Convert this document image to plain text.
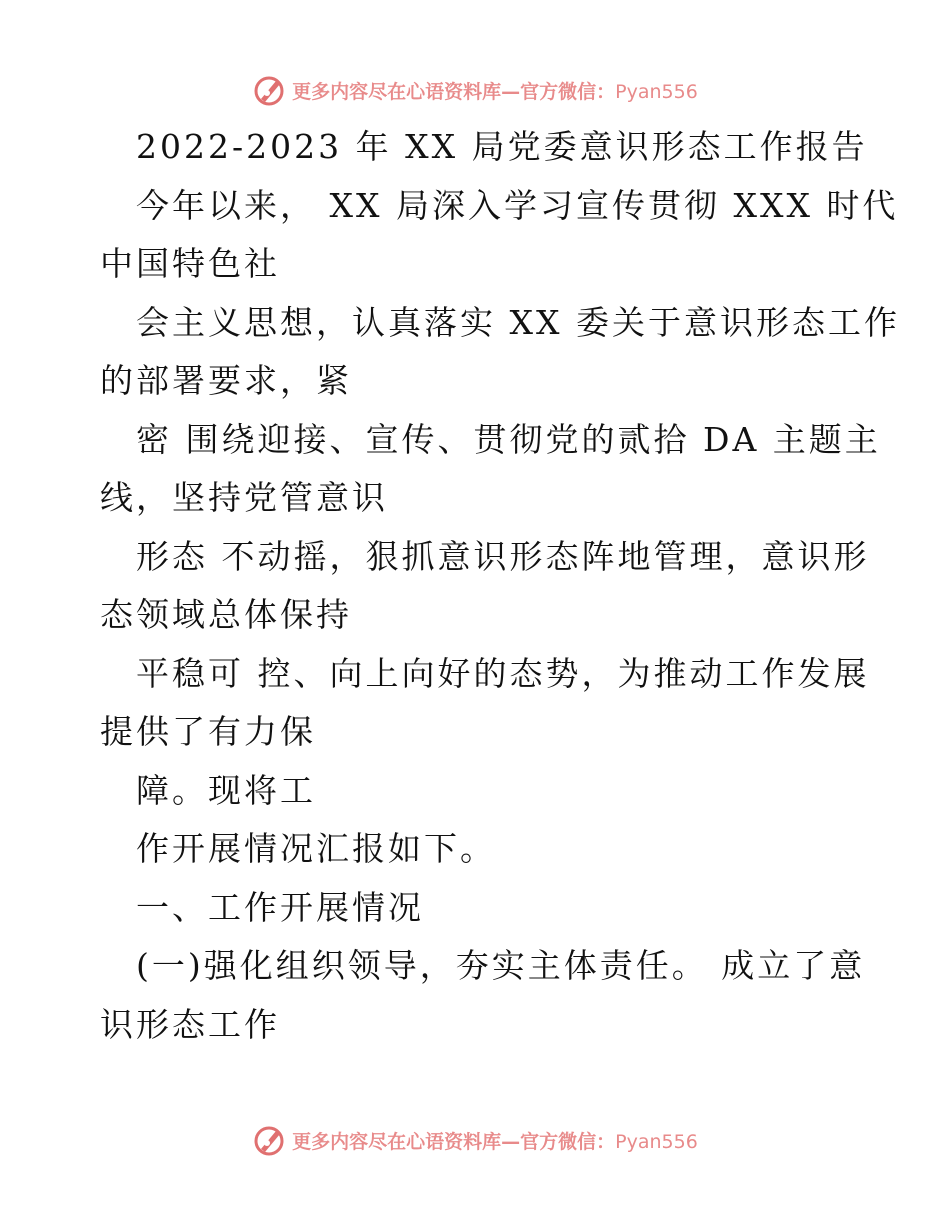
更多内容尽在心语资料库—官方微信：Pyan556
2022-2023 年 XX 局党委意识形态工作报告
今年以来， XX 局深入学习宣传贯彻 XXX 时代
中国特色社
会主义思想，认真落实 XX 委关于意识形态工作
的部署要求，紧
密 围绕迎接、宣传、贯彻党的贰拾 DA 主题主
线，坚持党管意识
形态 不动摇，狠抓意识形态阵地管理，意识形
态领域总体保持
平稳可 控、向上向好的态势，为推动工作发展
提供了有力保
障。现将工
作开展情况汇报如下。
一、工作开展情况
(一)强化组织领导，夯实主体责任。 成立了意
识形态工作
更多内容尽在心语资料库—官方微信：Pyan556
